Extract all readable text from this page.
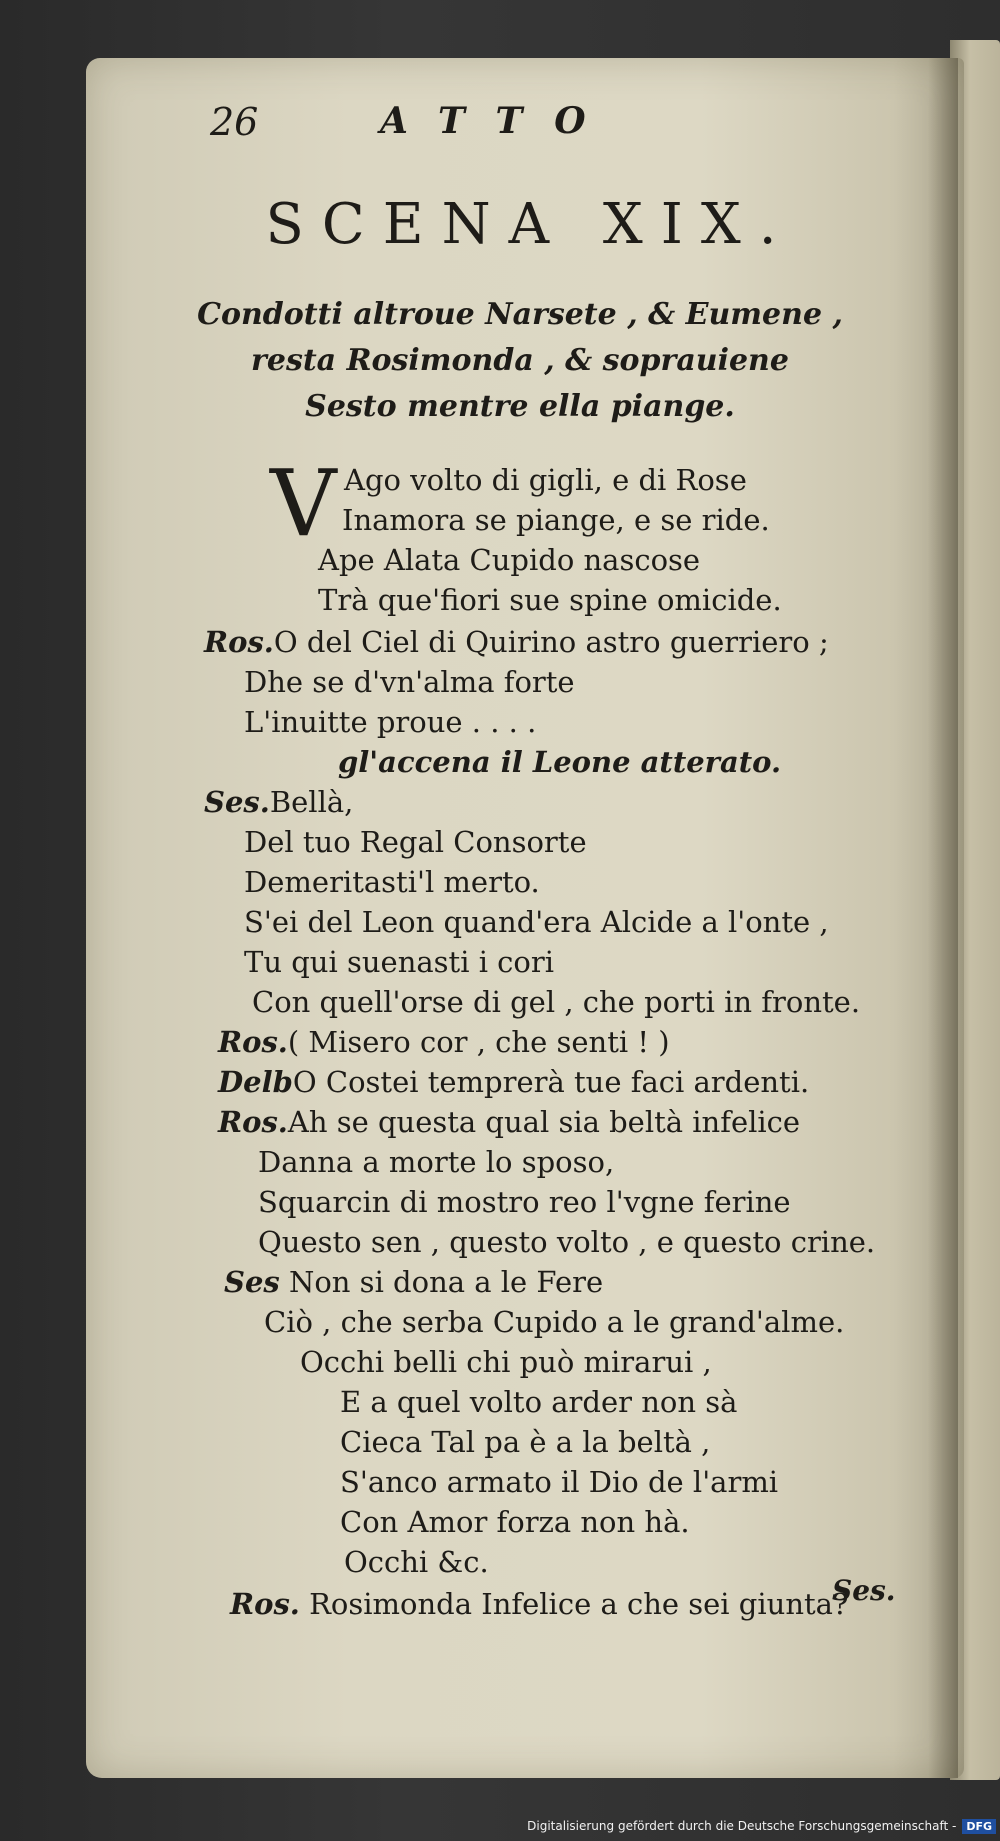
26	ATTO
SCENA XIX.
Condotti altroue Narsete , & Eumene ,
resta Rosimonda , & soprauiene
Sesto mentre ella piange.
V Ago volto di gigli, e di Rose
Inamora se piange, e se ride.
Ape Alata Cupido nascose
Trà que'fiori sue spine omicide.
Ros.O del Ciel di Quirino astro guerriero ;
Dhe se d'vn'alma forte
L'inuitte proue . . . .
gl'accena il Leone atterato.
Ses.Bellà,
Del tuo Regal Consorte
Demeritasti'l merto.
S'ei del Leon quand'era Alcide a l'onte ,
Tu qui suenasti i cori
Con quell'orse di gel , che porti in fronte.
Ros.( Misero cor , che senti ! )
DelbO Costei temprerà tue faci ardenti.
Ros.Ah se questa qual sia beltà infelice
Danna a morte lo sposo,
Squarcin di mostro reo l'vgne ferine
Questo sen , questo volto , e questo crine.
Ses Non si dona a le Fere
Ciò , che serba Cupido a le grand'alme.
Occhi belli chi può mirarui ,
E a quel volto arder non sà
Cieca Tal pa è a la beltà ,
S'anco armato il Dio de l'armi
Con Amor forza non hà.
Occhi &c.
Ros. Rosimonda Infelice a che sei giunta?
Ses.
Digitalisierung gefördert durch die Deutsche Forschungsgemeinschaft - DFG
